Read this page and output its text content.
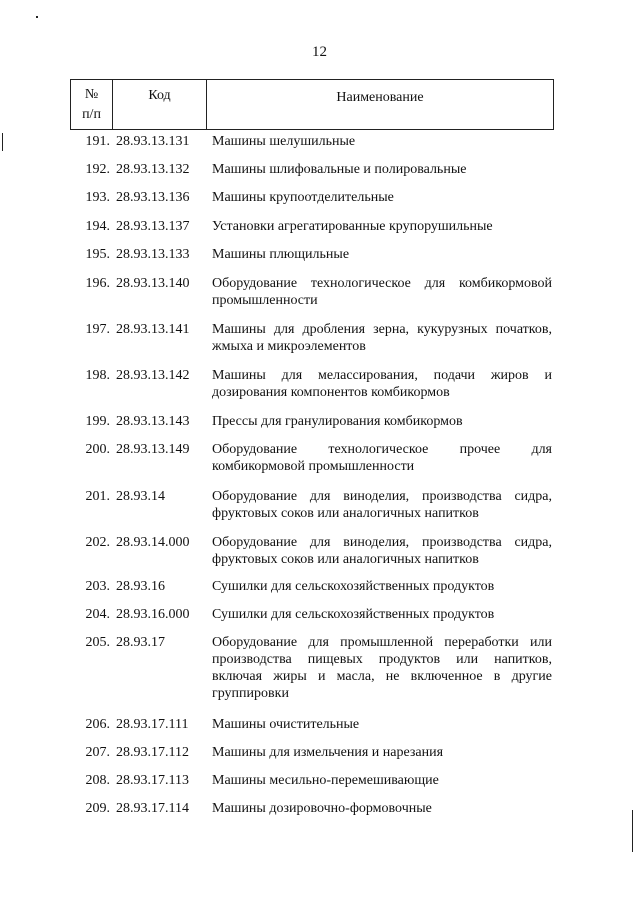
12
№
п/п
Код	Наименование
191. 28.93.13.131	Машины шелушильные
192. 28.93.13.132	Машины шлифовальные и полировальные
193. 28.93.13.136	Машины крупоотделительные
194. 28.93.13.137	Установки агрегатированные крупорушильные
195. 28.93.13.133	Машины плющильные
196. 28.93.13.140	Оборудование технологическое для комбикормовой промышленности
197. 28.93.13.141	Машины для дробления зерна, кукурузных початков, жмыха и микроэлементов
198. 28.93.13.142	Машины для мелассирования, подачи жиров и дозирования компонентов комбикормов
199. 28.93.13.143	Прессы для гранулирования комбикормов
200. 28.93.13.149	Оборудование технологическое прочее для комбикормовой промышленности
201. 28.93.14	Оборудование для виноделия, производства сидра, фруктовых соков или аналогичных напитков
202. 28.93.14.000	Оборудование для виноделия, производства сидра, фруктовых соков или аналогичных напитков
203. 28.93.16	Сушилки для сельскохозяйственных продуктов
204. 28.93.16.000	Сушилки для сельскохозяйственных продуктов
205. 28.93.17	Оборудование для промышленной переработки или производства пищевых продуктов или напитков, включая жиры и масла, не включенное в другие группировки
206. 28.93.17.111	Машины очистительные
207. 28.93.17.112	Машины для измельчения и нарезания
208. 28.93.17.113	Машины месильно-перемешивающие
209. 28.93.17.114	Машины дозировочно-формовочные
